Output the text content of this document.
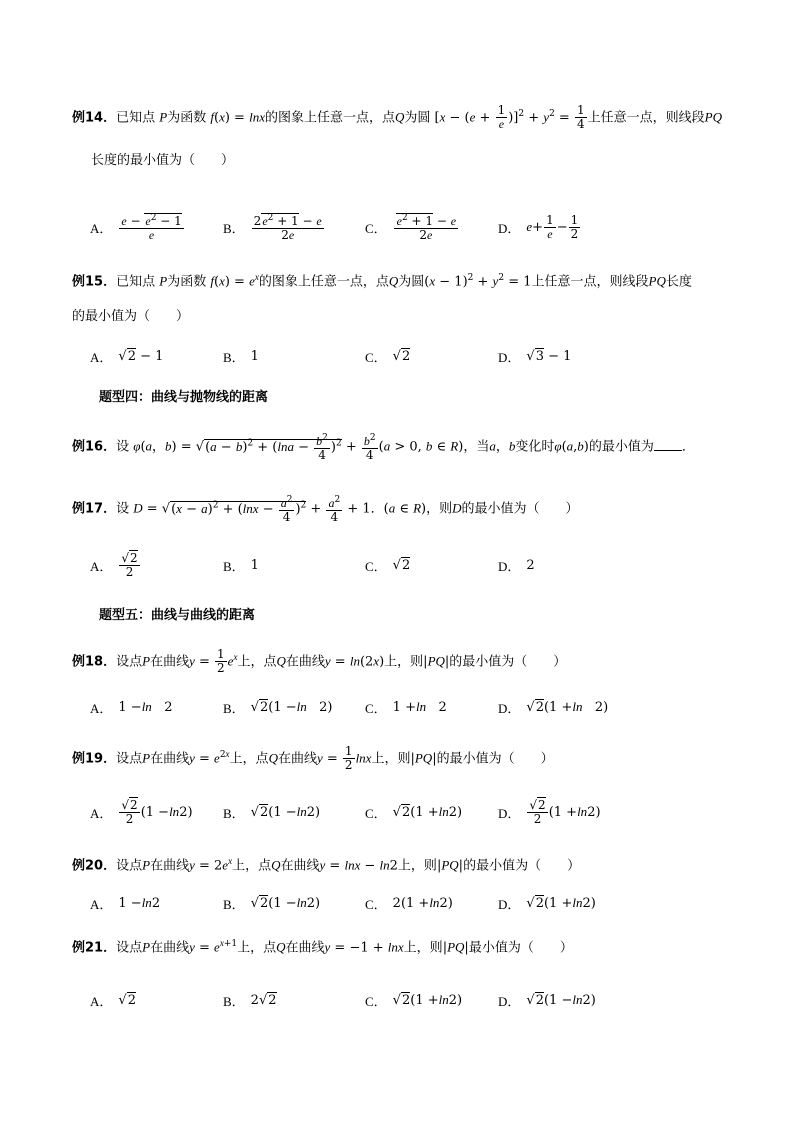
例14．已知点 P为函数 f(x) = lnx的图象上任意一点，点Q为圆 $[x - (e + \frac{1}{e} )]^2 + y^2 = \frac{1}{4}$ 上任意一点，则线段PQ
长度的最小值为（　　）
A． $\frac{e - e^2 - 1}{e}$	B． $\frac{2e^2 + 1 - e}{2e}$	C． $\frac{e^2 + 1 - e}{2e}$	D． $e + \frac{1}{e} - \frac{1}{2}$
例15．已知点 P为函数 $f(x) = e^x$的图象上任意一点，点Q为圆$(x - 1)^2 + y^2 = 1$上任意一点，则线段PQ长度
的最小值为（　　）
A． √ 2 − 1	B． 1	C． √ 2	D． √ 3 − 1
题型四：曲线与抛物线的距离
例16．设 φ(a，$b) = √(a - b)^2 + (\ln a - \frac{b^2}{4} )^2 + \frac{b^2}{4} (a > 0$, b ∈ R)，当a，b变化时φ(a,b)的最小值为 ．
例17．设 $D = √(x - a)^2 + (\ln x - \frac{a^2}{4} )^2 + \frac{a^2}{4} + 1$．(a ∈ R)，则D的最小值为（　　）
A． $\frac{√2}{2}$	B． 1	C． √ 2	D． 2
题型五：曲线与曲线的距离
例18．设点P在曲线$y = \frac{1}{2} e^x$上，点Q在曲线y = ln(2x)上，则|PQ|的最小值为（　　）
A． 1 − ln 2	B． √ 2 (1 − ln 2)	C． 1 + ln 2	D． √ 2 (1 + ln 2)
例19．设点P在曲线$y = e^{2x}$上，点Q在曲线$y = \frac{1}{2}$ lnx上，则|PQ|的最小值为（　　）
A． $\frac{√2}{2} (1 - \ln 2)$ B． √ 2 (1 − ln 2)	C． √ 2 (1 + ln 2)	D． $\frac{√2}{2} (1 + \ln 2)$
例20．设点P在曲线$y = 2e^x$上，点Q在曲线y = lnx − ln2上，则|PQ|的最小值为（　　）
A． 1 − ln 2	B． √ 2 (1 − ln 2)	C． 2(1 + ln 2)	D． √ 2 (1 + ln 2)
例21．设点P在曲线$y = e^{x+1}$上，点Q在曲线y = −1 + lnx上，则|PQ|最小值为（　　）
A． √ 2	B． 2√ 2	C． √ 2 (1 + ln 2)	D． √ 2 (1 − ln 2)
